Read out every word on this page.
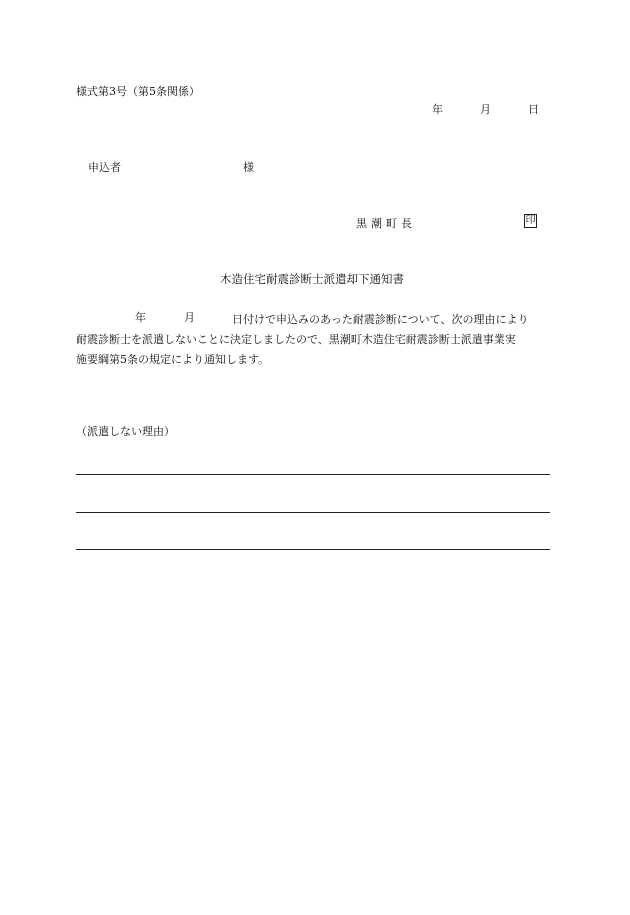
様式第3号（第5条関係）
年	月	日
申込者	様
黒潮町長	印
木造住宅耐震診断士派遣却下通知書
年	月	日付けで申込みのあった耐震診断について、次の理由により
耐震診断士を派遣しないことに決定しましたので、黒潮町木造住宅耐震診断士派遣事業実
施要綱第5条の規定により通知します。
（派遣しない理由）
